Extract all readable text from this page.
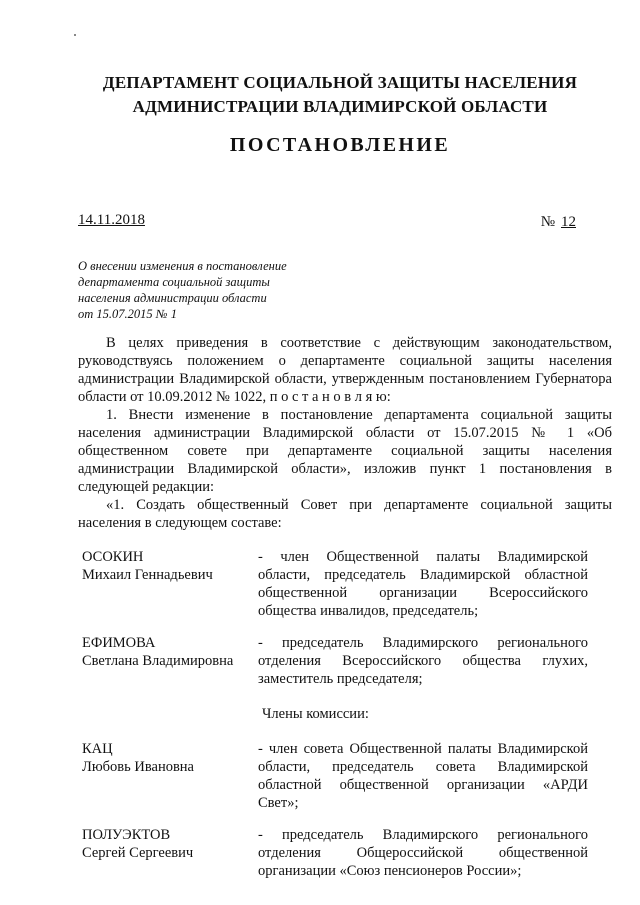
ДЕПАРТАМЕНТ СОЦИАЛЬНОЙ ЗАЩИТЫ НАСЕЛЕНИЯ
АДМИНИСТРАЦИИ ВЛАДИМИРСКОЙ ОБЛАСТИ
ПОСТАНОВЛЕНИЕ
14.11.2018	№ 12
О внесении изменения в постановление
департамента социальной защиты
населения администрации области
от 15.07.2015 № 1

В целях приведения в соответствие с действующим законодательством, руководствуясь положением о департаменте социальной защиты населения администрации Владимирской области, утвержденным постановлением Губернатора области от 10.09.2012 № 1022, п о с т а н о в л я ю:

1. Внести изменение в постановление департамента социальной защиты населения администрации Владимирской области от 15.07.2015 № 1 «Об общественном совете при департаменте социальной защиты населения администрации Владимирской области», изложив пункт 1 постановления в следующей редакции:

«1. Создать общественный Совет при департаменте социальной защиты населения в следующем составе:

ОСОКИН
Михаил Геннадьевич
- член Общественной палаты Владимирской области, председатель Владимирской областной общественной организации Всероссийского общества инвалидов, председатель;
ЕФИМОВА
Светлана Владимировна
- председатель Владимирского регионального отделения Всероссийского общества глухих, заместитель председателя;
Члены комиссии:
КАЦ
Любовь Ивановна
- член совета Общественной палаты Владимирской области, председатель совета Владимирской областной общественной организации «АРДИ Свет»;
ПОЛУЭКТОВ
Сергей Сергеевич
- председатель Владимирского регионального отделения Общероссийской общественной организации «Союз пенсионеров России»;
